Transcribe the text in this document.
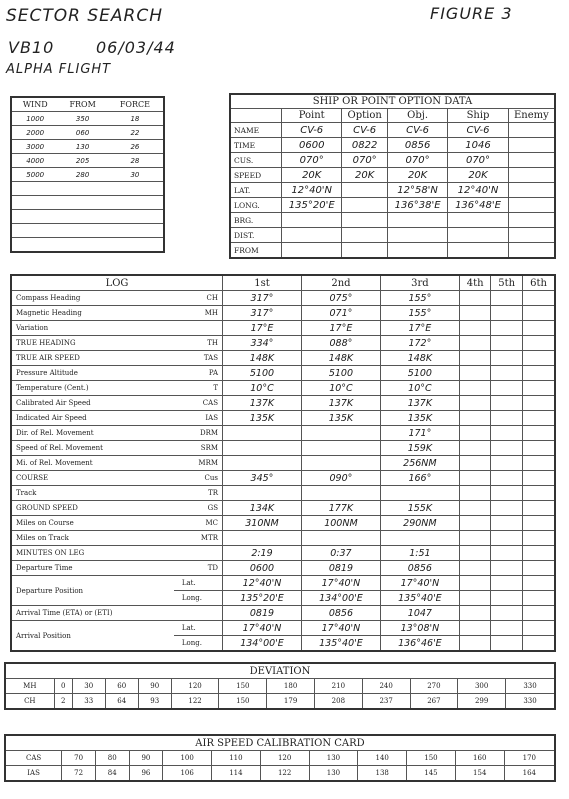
SECTOR SEARCH	FIGURE 3
VB10	06/03/44
ALPHA FLIGHT
WIND	FROM	FORCE
1000	350	18
2000	060	22
3000	130	26
4000	205	28
5000	280	30

SHIP OR POINT OPTION DATA					
	Point	Option	Obj.	Ship	Enemy
NAME	CV-6	CV-6	CV-6	CV-6	
TIME	0600	0822	0856	1046	
CUS.	070°	070°	070°	070°	
SPEED	20K	20K	20K	20K	
LAT.	12°40'N		12°58'N	12°40'N	
LONG.	135°20'E		136°38'E	136°48'E	
BRG.					
DIST.					
FROM					
LOG			1st	2nd	3rd	4th	5th	6th
Compass Heading		CH	317°	075°	155°			
Magnetic Heading		MH	317°	071°	155°			
Variation			17°E	17°E	17°E			
TRUE HEADING		TH	334°	088°	172°			
TRUE AIR SPEED		TAS	148K	148K	148K			
Pressure Altitude		PA	5100	5100	5100			
Temperature (Cent.)		T	10°C	10°C	10°C			
Calibrated Air Speed		CAS	137K	137K	137K			
Indicated Air Speed		IAS	135K	135K	135K			
Dir. of Rel. Movement		DRM			171°			
Speed of Rel. Movement		SRM			159K			
Mi. of Rel. Movement		MRM			256NM			
COURSE		Cus	345°	090°	166°			
Track		TR						
GROUND SPEED		GS	134K	177K	155K			
Miles on Course		MC	310NM	100NM	290NM			
Miles on Track		MTR						
MINUTES ON LEG			2:19	0:37	1:51			
Departure Time		TD	0600	0819	0856			
Departure Position	Lat.		12°40'N	17°40'N	17°40'N			
	Long.		135°20'E	134°00'E	135°40'E			
Arrival Time (ETA) or (ETI)			0819	0856	1047			
Arrival Position	Lat.		17°40'N	17°40'N	13°08'N			
	Long.		134°00'E	135°40'E	136°46'E			
DEVIATION												
MH	0	30	60	90	120	150	180	210	240	270	300	330
CH	2	33	64	93	122	150	179	208	237	267	299	330
AIR SPEED CALIBRATION CARD											
CAS	70	80	90	100	110	120	130	140	150	160	170
IAS	72	84	96	106	114	122	130	138	145	154	164
